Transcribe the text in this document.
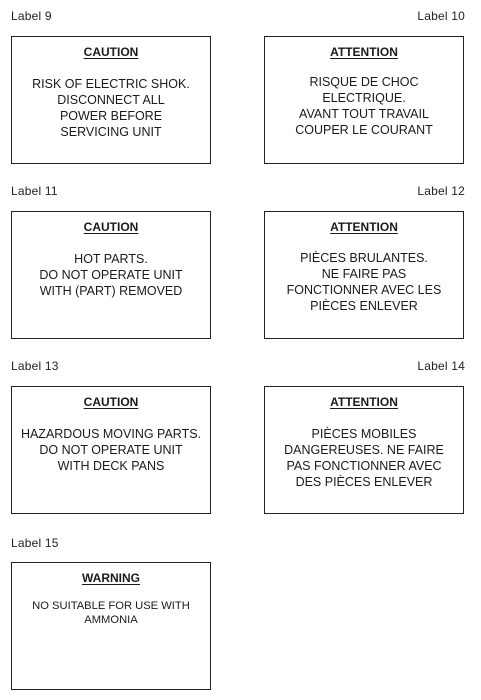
Label 9
CAUTION
RISK OF ELECTRIC SHOK.
DISCONNECT ALL
POWER BEFORE
SERVICING UNIT
Label 10
ATTENTION
RISQUE DE CHOC
ELECTRIQUE.
AVANT TOUT TRAVAIL
COUPER LE COURANT
Label 11
CAUTION
HOT PARTS.
DO NOT OPERATE UNIT
WITH (PART) REMOVED
Label 12
ATTENTION
PIÈCES BRULANTES.
NE FAIRE PAS
FONCTIONNER AVEC LES
PIÈCES ENLEVER
Label 13
CAUTION
HAZARDOUS MOVING PARTS.
DO NOT OPERATE UNIT
WITH DECK PANS
Label 14
ATTENTION
PIÈCES MOBILES
DANGEREUSES. NE FAIRE
PAS FONCTIONNER AVEC
DES PIÈCES ENLEVER
Label 15
WARNING
NO SUITABLE FOR USE WITH
AMMONIA
